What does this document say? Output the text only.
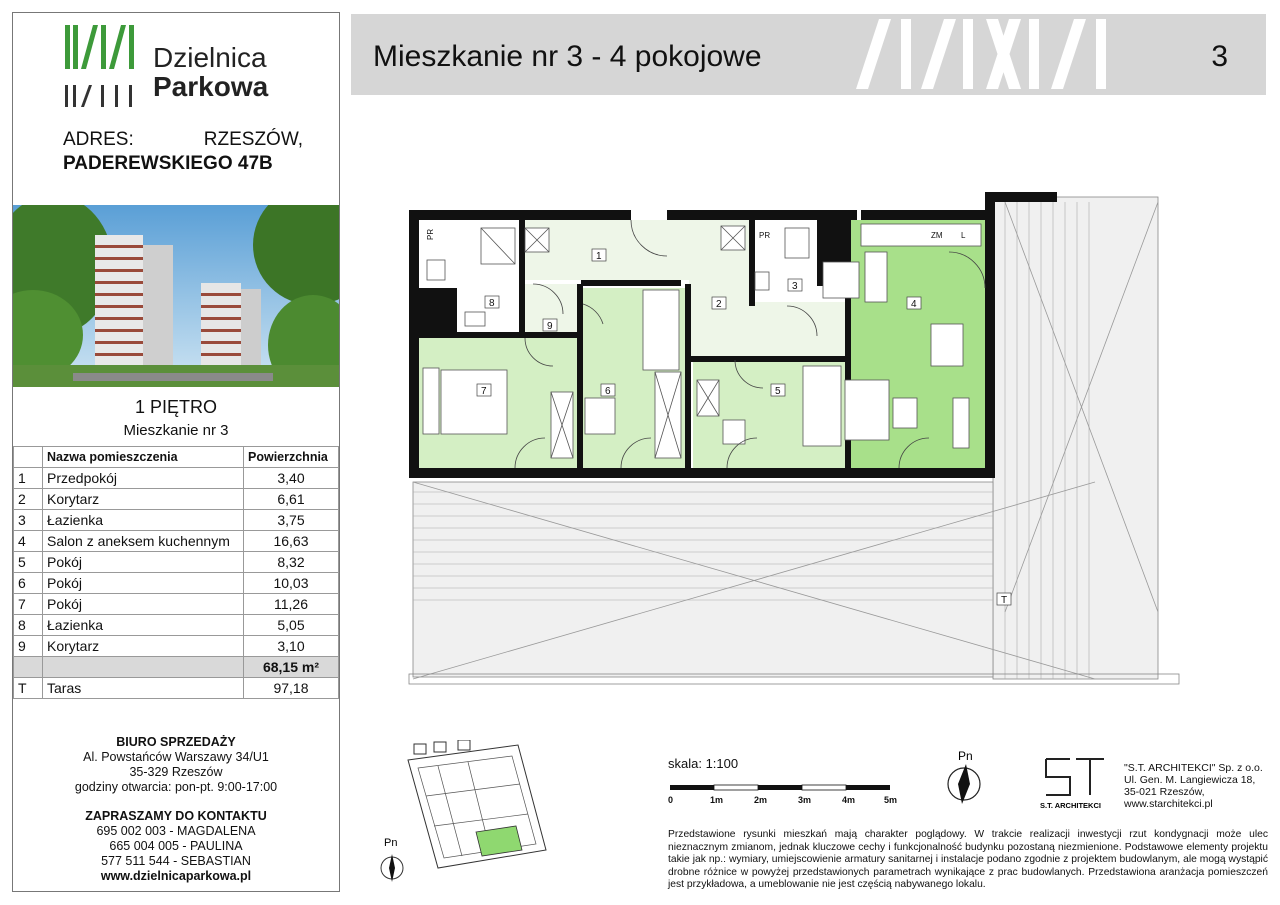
Dzielnica
Parkowa
ADRES:	RZESZÓW,
PADEREWSKIEGO 47B
1 PIĘTRO
Mieszkanie nr 3
	Nazwa pomieszczenia	Powierzchnia
1	Przedpokój	3,40
2	Korytarz	6,61
3	Łazienka	3,75
4	Salon z aneksem kuchennym	16,63
5	Pokój	8,32
6	Pokój	10,03
7	Pokój	11,26
8	Łazienka	5,05
9	Korytarz	3,10
		68,15 m²
T	Taras	97,18
BIURO SPRZEDAŻY
Al. Powstańców Warszawy 34/U1
35-329 Rzeszów
godziny otwarcia: pon-pt. 9:00-17:00
ZAPRASZAMY DO KONTAKTU
695 002 003 - MAGDALENA
665 004 005 - PAULINA
577 511 544 - SEBASTIAN
www.dzielnicaparkowa.pl
Mieszkanie nr 3 - 4 pokojowe	3
1
2
3
4
5
6
7
8
9
PR	PR	ZM L
T
Pn
skala: 1:100
0	1m	2m	3m	4m	5m
Pn
S.T. ARCHITEKCI
"S.T. ARCHITEKCI" Sp. z o.o.
Ul. Gen. M. Langiewicza 18,
35-021 Rzeszów,
www.starchitekci.pl
Przedstawione rysunki mieszkań mają charakter poglądowy. W trakcie realizacji inwestycji rzut kondygnacji może ulec nieznacznym zmianom, jednak kluczowe cechy i funkcjonalność budynku pozostaną niezmienione. Podstawowe elementy projektu takie jak np.: wymiary, umiejscowienie armatury sanitarnej i instalacje podano zgodnie z projektem budowlanym, ale mogą wystąpić drobne różnice w powyżej przedstawionych parametrach wynikające z prac budowlanych. Przedstawiona aranżacja pomieszczeń jest przykładowa, a umeblowanie nie jest częścią nabywanego lokalu.
